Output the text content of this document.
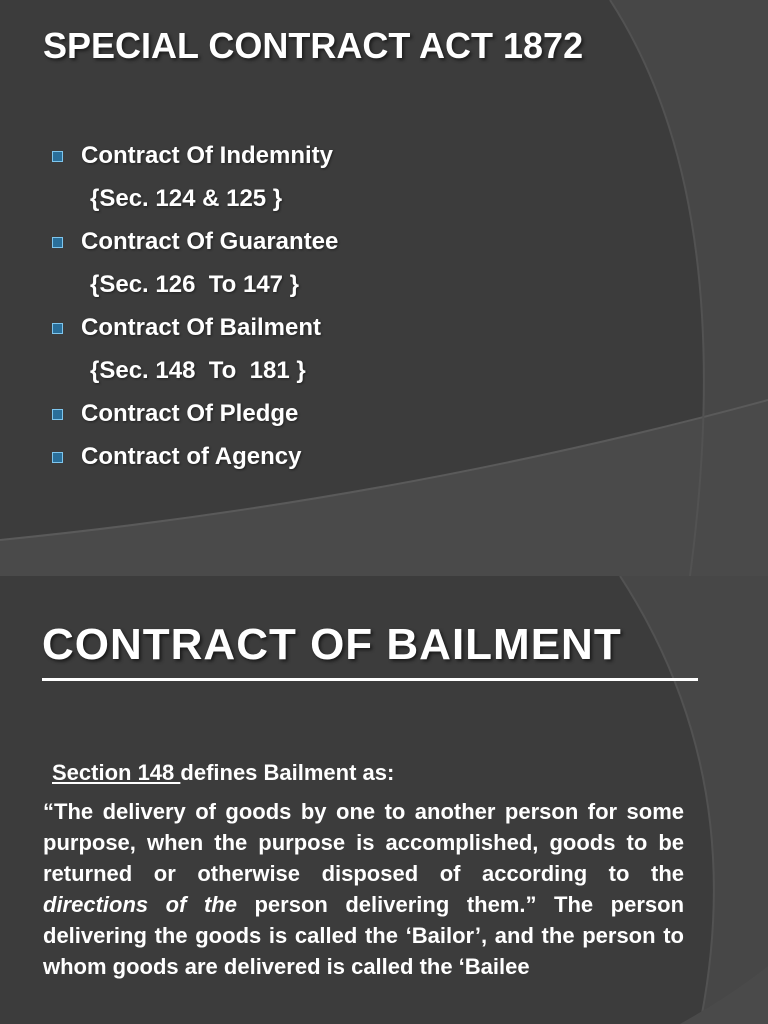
SPECIAL CONTRACT ACT 1872
Contract Of Indemnity
{Sec. 124 & 125 }
Contract Of Guarantee
{Sec. 126  To 147 }
Contract Of Bailment
{Sec. 148  To  181 }
Contract Of Pledge
Contract of Agency
CONTRACT OF BAILMENT
Section 148 defines Bailment as:
“The delivery of goods by one to another person for some purpose, when the purpose is accomplished, goods to be returned or otherwise disposed of according to the directions of the person delivering them.” The person delivering the goods is called the ‘Bailor’, and the person to whom goods are delivered is called the ‘Bailee
